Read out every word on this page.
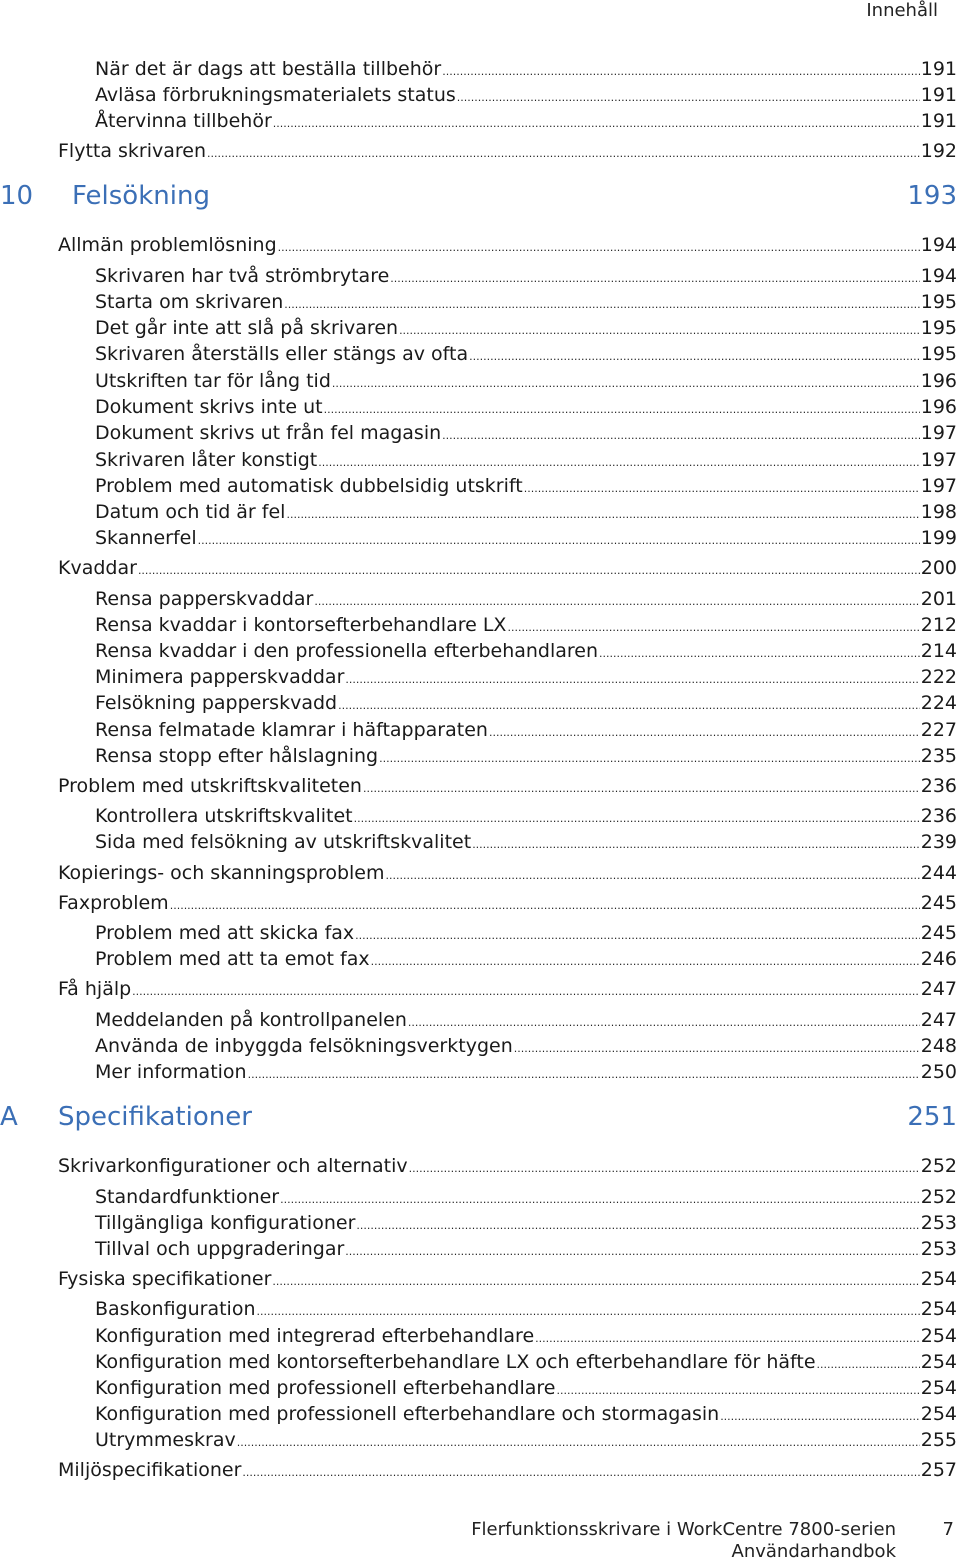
Innehåll
När det är dags att beställa tillbehör .....	191
Avläsa förbrukningsmaterialets status .....	191
Återvinna tillbehör .....	191
Flytta skrivaren .....	192
10 Felsökning	193
Allmän problemlösning .....	194
Skrivaren har två strömbrytare .....	194
Starta om skrivaren .....	195
Det går inte att slå på skrivaren .....	195
Skrivaren återställs eller stängs av ofta .....	195
Utskriften tar för lång tid .....	196
Dokument skrivs inte ut .....	196
Dokument skrivs ut från fel magasin .....	197
Skrivaren låter konstigt .....	197
Problem med automatisk dubbelsidig utskrift .....	197
Datum och tid är fel .....	198
Skannerfel .....	199
Kvaddar .....	200
Rensa papperskvaddar .....	201
Rensa kvaddar i kontorsefterbehandlare LX .....	212
Rensa kvaddar i den professionella efterbehandlaren .....	214
Minimera papperskvaddar .....	222
Felsökning papperskvadd .....	224
Rensa felmatade klamrar i häftapparaten .....	227
Rensa stopp efter hålslagning .....	235
Problem med utskriftskvaliteten .....	236
Kontrollera utskriftskvalitet .....	236
Sida med felsökning av utskriftskvalitet .....	239
Kopierings- och skanningsproblem .....	244
Faxproblem .....	245
Problem med att skicka fax .....	245
Problem med att ta emot fax .....	246
Få hjälp .....	247
Meddelanden på kontrollpanelen .....	247
Använda de inbyggda felsökningsverktygen .....	248
Mer information .....	250
A Specifikationer	251
Skrivarkonfigurationer och alternativ .....	252
Standardfunktioner .....	252
Tillgängliga konfigurationer .....	253
Tillval och uppgraderingar .....	253
Fysiska specifikationer .....	254
Baskonfiguration .....	254
Konfiguration med integrerad efterbehandlare .....	254
Konfiguration med kontorsefterbehandlare LX och efterbehandlare för häfte .....	254
Konfiguration med professionell efterbehandlare .....	254
Konfiguration med professionell efterbehandlare och stormagasin .....	254
Utrymmeskrav .....	255
Miljöspecifikationer .....	257
Flerfunktionsskrivare i WorkCentre 7800-serien
Användarhandbok
7
